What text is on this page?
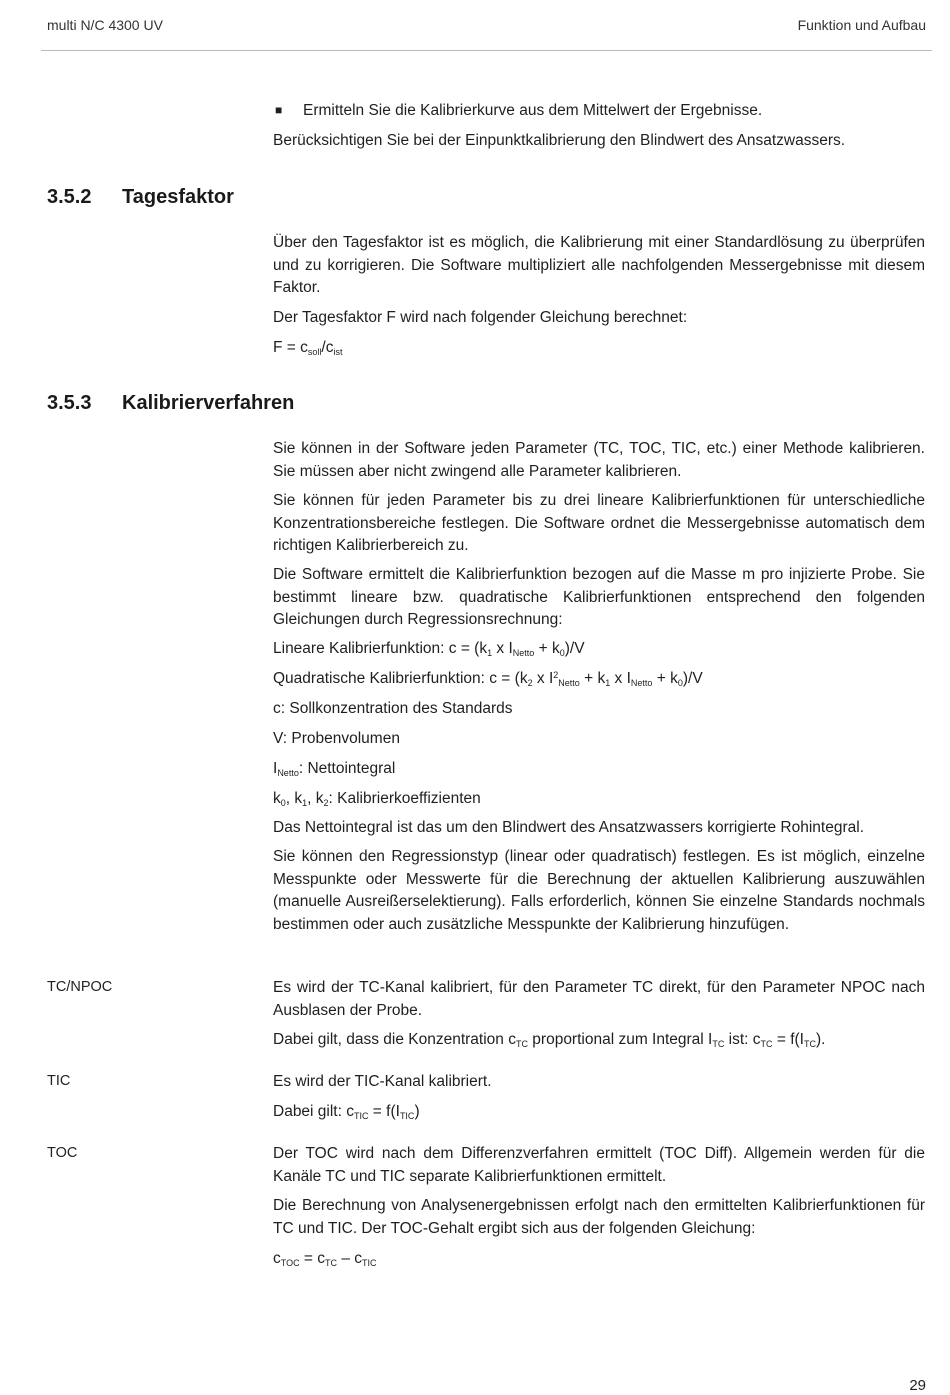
multi N/C 4300 UV	Funktion und Aufbau
■ Ermitteln Sie die Kalibrierkurve aus dem Mittelwert der Ergebnisse.

Berücksichtigen Sie bei der Einpunktkalibrierung den Blindwert des Ansatzwassers.

3.5.2 Tagesfaktor

Über den Tagesfaktor ist es möglich, die Kalibrierung mit einer Standardlösung zu überprüfen und zu korrigieren. Die Software multipliziert alle nachfolgenden Messergebnisse mit diesem Faktor.

Der Tagesfaktor F wird nach folgender Gleichung berechnet:

$F = c_{soll}/c_{ist}$

3.5.3 Kalibrierverfahren

Sie können in der Software jeden Parameter (TC, TOC, TIC, etc.) einer Methode kalibrieren. Sie müssen aber nicht zwingend alle Parameter kalibrieren.

Sie können für jeden Parameter bis zu drei lineare Kalibrierfunktionen für unterschiedliche Konzentrationsbereiche festlegen. Die Software ordnet die Messergebnisse automatisch dem richtigen Kalibrierbereich zu.

Die Software ermittelt die Kalibrierfunktion bezogen auf die Masse m pro injizierte Probe. Sie bestimmt lineare bzw. quadratische Kalibrierfunktionen entsprechend den folgenden Gleichungen durch Regressionsrechnung:

Lineare Kalibrierfunktion: $c = (k_1$ x $I_{Netto} + k_0)/V$

Quadratische Kalibrierfunktion: $c = (k_2$ x $I^2_{Netto} + k_1$ x $I_{Netto} + k_0)/V$

c: Sollkonzentration des Standards

V: Probenvolumen

$I_{Netto}$: Nettointegral

$k_0$, $k_1$, $k_2$: Kalibrierkoeffizienten

Das Nettointegral ist das um den Blindwert des Ansatzwassers korrigierte Rohintegral.

Sie können den Regressionstyp (linear oder quadratisch) festlegen. Es ist möglich, einzelne Messpunkte oder Messwerte für die Berechnung der aktuellen Kalibrierung auszuwählen (manuelle Ausreißerselektierung). Falls erforderlich, können Sie einzelne Standards nochmals bestimmen oder auch zusätzliche Messpunkte der Kalibrierung hinzufügen.

TC/NPOC	Es wird der TC-Kanal kalibriert, für den Parameter TC direkt, für den Parameter NPOC nach Ausblasen der Probe.

Dabei gilt, dass die Konzentration $c_{TC}$ proportional zum Integral $I_{TC}$ ist: $c_{TC} = f(I_{TC})$.

TIC	Es wird der TIC-Kanal kalibriert.

Dabei gilt: $c_{TIC} = f(I_{TIC})$

TOC	Der TOC wird nach dem Differenzverfahren ermittelt (TOC Diff). Allgemein werden für die Kanäle TC und TIC separate Kalibrierfunktionen ermittelt.

Die Berechnung von Analysenergebnissen erfolgt nach den ermittelten Kalibrierfunktionen für TC und TIC. Der TOC-Gehalt ergibt sich aus der folgenden Gleichung:

$c_{TOC} = c_{TC} - c_{TIC}$

29
